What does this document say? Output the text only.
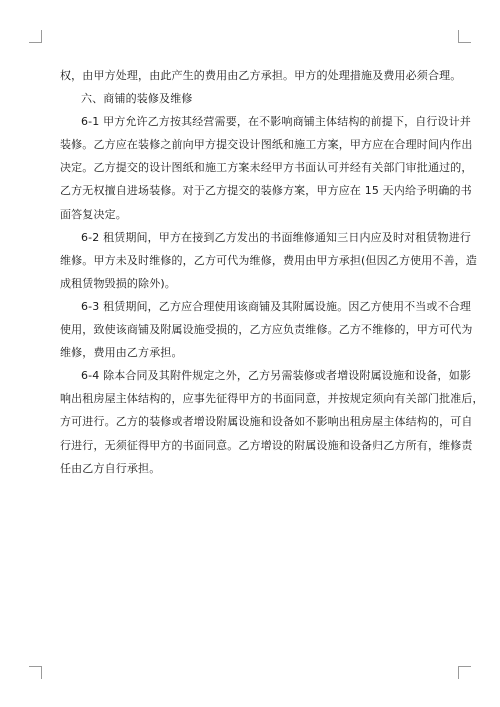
权，由甲方处理，由此产生的费用由乙方承担。甲方的处理措施及费用必须合理。
六、商铺的装修及维修
6-1 甲方允许乙方按其经营需要，在不影响商铺主体结构的前提下，自行设计并
装修。乙方应在装修之前向甲方提交设计图纸和施工方案，甲方应在合理时间内作出
决定。乙方提交的设计图纸和施工方案未经甲方书面认可并经有关部门审批通过的，
乙方无权擅自进场装修。对于乙方提交的装修方案，甲方应在 15 天内给予明确的书
面答复决定。
6-2 租赁期间，甲方在接到乙方发出的书面维修通知三日内应及时对租赁物进行
维修。甲方未及时维修的，乙方可代为维修，费用由甲方承担(但因乙方使用不善，造
成租赁物毁损的除外)。
6-3 租赁期间，乙方应合理使用该商铺及其附属设施。因乙方使用不当或不合理
使用，致使该商铺及附属设施受损的，乙方应负责维修。乙方不维修的，甲方可代为
维修，费用由乙方承担。
6-4 除本合同及其附件规定之外，乙方另需装修或者增设附属设施和设备，如影
响出租房屋主体结构的，应事先征得甲方的书面同意，并按规定须向有关部门批准后，
方可进行。乙方的装修或者增设附属设施和设备如不影响出租房屋主体结构的，可自
行进行，无须征得甲方的书面同意。乙方增设的附属设施和设备归乙方所有，维修责
任由乙方自行承担。
